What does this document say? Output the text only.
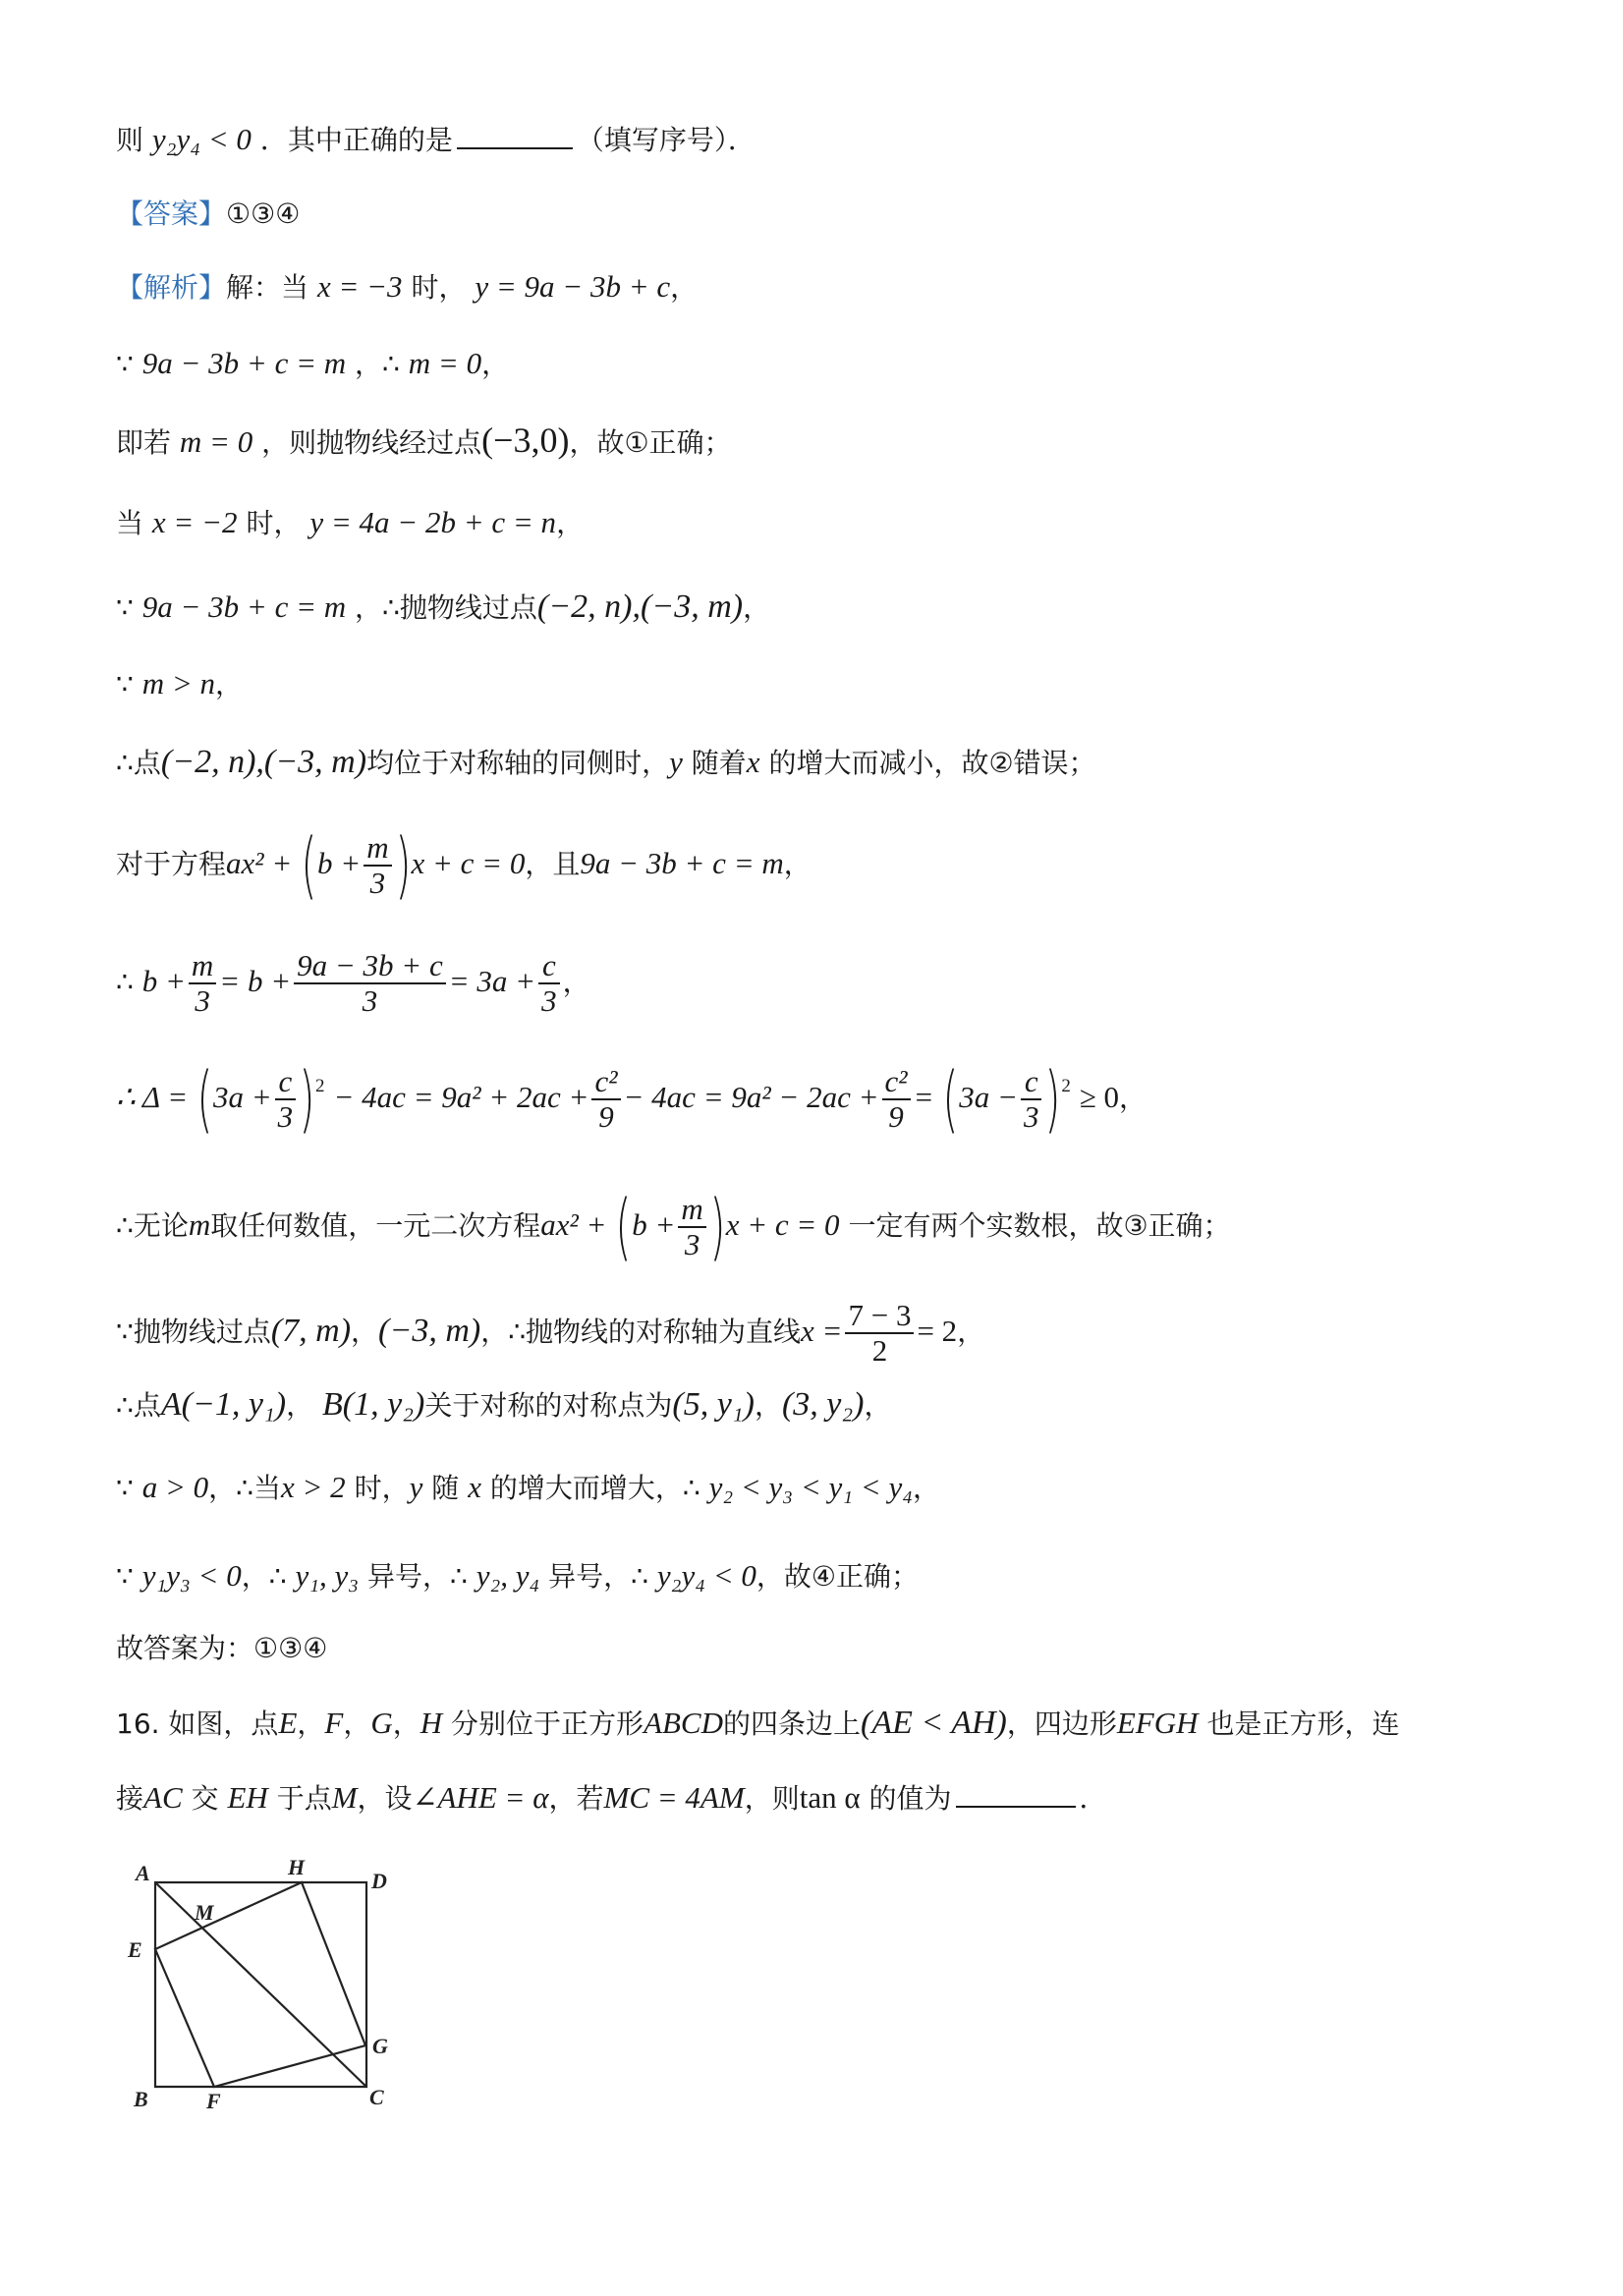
则 y₂y₄ < 0 ．其中正确的是	（填写序号）．
【答案】①③④
【解析】解：当 x = −3 时， y = 9a − 3b + c，
∵ 9a − 3b + c = m ，∴ m = 0，
即若 m = 0 ，则抛物线经过点(−3,0)，故①正确；
当 x = −2 时， y = 4a − 2b + c = n，
∵ 9a − 3b + c = m ，∴抛物线过点(−2, n),(−3, m)，
∵ m > n，
∴点(−2, n),(−3, m)均位于对称轴的同侧时，y 随着x 的增大而减小，故②错误；
对于方程$ax^2 + (b + \frac{m}{3} )x + c = 0$，且9a − 3b + c = m，
∴ $b + \frac{m}{3} = b + \frac{9a - 3b + c}{3} = 3a + \frac{c}{3}$ ，
∴ $\Delta = (3a + \frac{c}{3} )^2 - 4ac = 9a^2 + 2ac + \frac{\text{c²}}{9} - 4ac = 9a^2 - 2ac + \frac{\text{c²}}{9} = (3a - \frac{c}{3} )^2 \ge 0$，
∴无论m取任何数值，一元二次方程$ax^2 + (b + \frac{m}{3} )x + c = 0$ 一定有两个实数根，故③正确；
∵抛物线过点(7, m)，(−3, m)，∴抛物线的对称轴为直线$x = \frac{7 - 3}{2} = 2$，
∴点A(−1, y₁)， B(1, y₂)关于对称的对称点为(5, y₁)，(3, y₂)，
∵ a > 0，∴当x > 2 时，y 随 x 的增大而增大，∴ y₂ < y₃ < y₁ < y₄，
∵ y₁y₃ < 0，∴ y₁, y₃ 异号，∴ y₂, y₄ 异号，∴ y₂y₄ < 0，故④正确；
故答案为：①③④
16. 如图，点E，F，G，H 分别位于正方形ABCD的四条边上(AE < AH)，四边形EFGH 也是正方形，连
接AC 交 EH 于点M，设∠AHE = α，若MC = 4AM，则tan α 的值为	．
A	H
D
M
E
G
B	F	C
